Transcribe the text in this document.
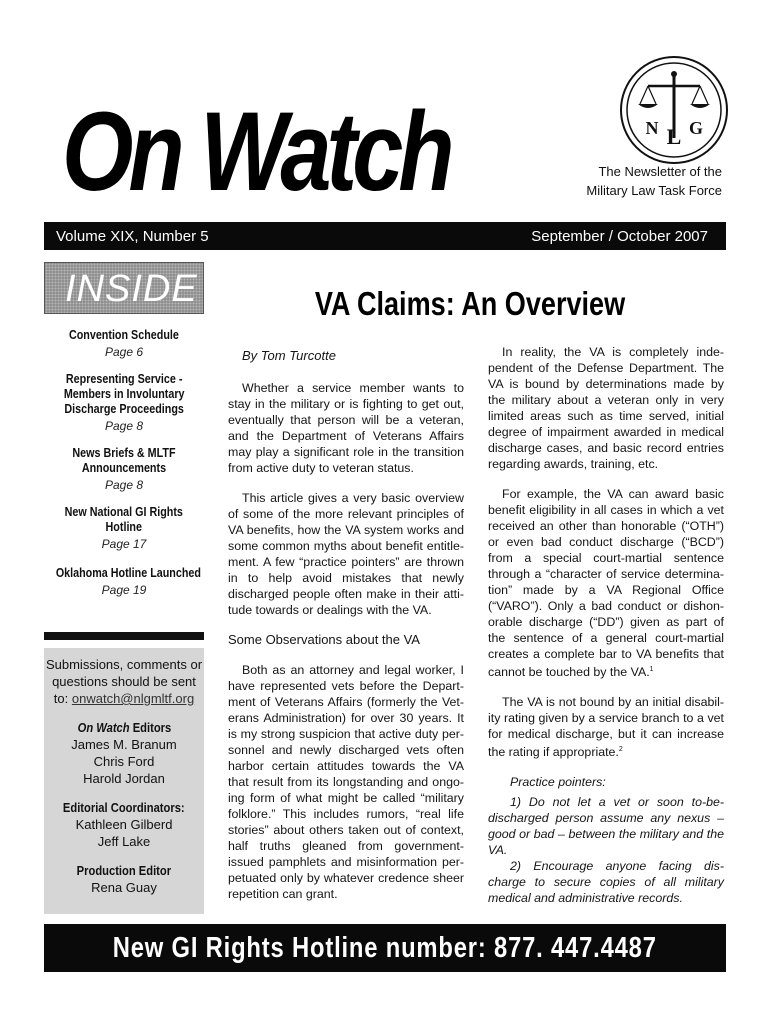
On Watch	N L G
The Newsletter of the
Military Law Task Force
Volume XIX, Number 5	September / October 2007
INSIDE
Convention Schedule
Page 6
Representing Service -
Members in Involuntary
Discharge Proceedings
Page 8
News Briefs & MLTF
Announcements
Page 8
New National GI Rights
Hotline
Page 17
Oklahoma Hotline Launched
Page 19
Submissions, comments or
questions should be sent
to: onwatch@nlgmltf.org
On Watch Editors
James M. Branum
Chris Ford
Harold Jordan
Editorial Coordinators:
Kathleen Gilberd
Jeff Lake
Production Editor
Rena Guay
VA Claims: An Overview
By Tom Turcotte

Whether a service member wants to stay in the military or is fighting to get out, eventually that person will be a veteran, and the Department of Veterans Affairs may play a significant role in the transition from active duty to veteran status.

This article gives a very basic overview of some of the more relevant principles of VA benefits, how the VA system works and some common myths about benefit entitle-ment. A few “practice pointers” are thrown in to help avoid mistakes that newly discharged people often make in their atti-tude towards or dealings with the VA.

Some Observations about the VA

Both as an attorney and legal worker, I have represented vets before the Depart-ment of Veterans Affairs (formerly the Vet-erans Administration) for over 30 years. It is my strong suspicion that active duty per-sonnel and newly discharged vets often harbor certain attitudes towards the VA that result from its longstanding and ongo-ing form of what might be called “military folklore.” This includes rumors, “real life stories” about others taken out of context, half truths gleaned from government-issued pamphlets and misinformation per-petuated only by whatever credence sheer repetition can grant.

In reality, the VA is completely inde-pendent of the Defense Department. The VA is bound by determinations made by the military about a veteran only in very limited areas such as time served, initial degree of impairment awarded in medical discharge cases, and basic record entries regarding awards, training, etc.

For example, the VA can award basic benefit eligibility in all cases in which a vet received an other than honorable (“OTH”) or even bad conduct discharge (“BCD”) from a special court-martial sentence through a “character of service determina-tion” made by a VA Regional Office (“VARO”). Only a bad conduct or dishon-orable discharge (“DD”) given as part of the sentence of a general court-martial creates a complete bar to VA benefits that cannot be touched by the VA.$^1$

The VA is not bound by an initial disabil-ity rating given by a service branch to a vet for medical discharge, but it can increase the rating if appropriate.$^2$

Practice pointers:

1) Do not let a vet or soon to-be-discharged person assume any nexus – good or bad – between the military and the VA.

2) Encourage anyone facing dis-charge to secure copies of all military medical and administrative records.

New GI Rights Hotline number: 877. 447.4487
